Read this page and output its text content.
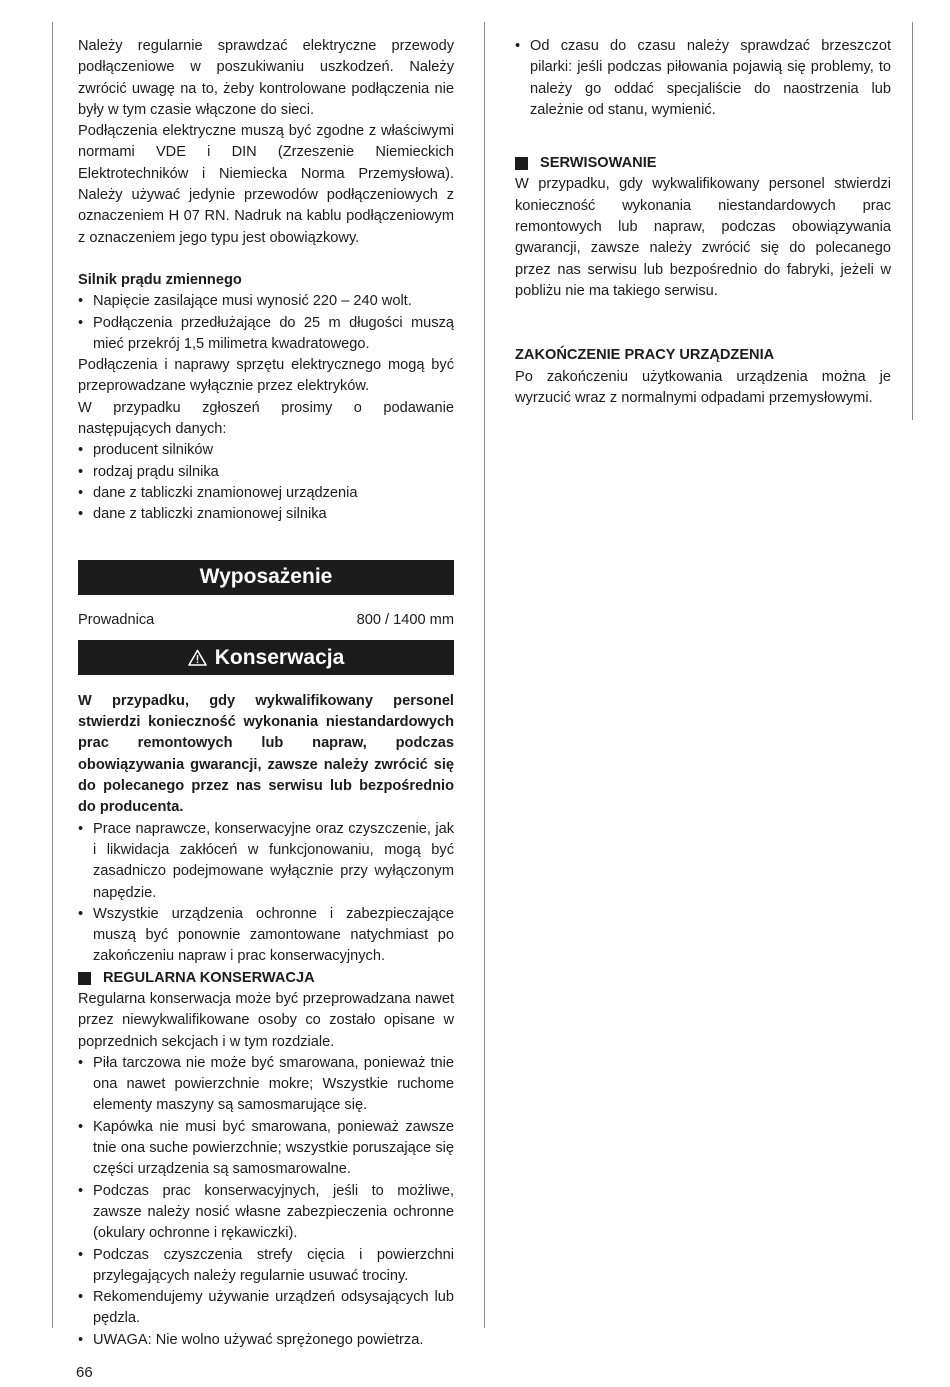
Należy regularnie sprawdzać elektryczne przewody podłączeniowe w poszukiwaniu uszkodzeń. Należy zwrócić uwagę na to, żeby kontrolowane podłączenia nie były w tym czasie włączone do sieci.

Podłączenia elektryczne muszą być zgodne z właściwymi normami VDE i DIN (Zrzeszenie Niemieckich Elektrotechników i Niemiecka Norma Przemysłowa). Należy używać jedynie przewodów podłączeniowych z oznaczeniem H 07 RN. Nadruk na kablu podłączeniowym z oznaczeniem jego typu jest obowiązkowy.

Silnik prądu zmiennego

• Napięcie zasilające musi wynosić 220 – 240 wolt.
• Podłączenia przedłużające do 25 m długości muszą mieć przekrój 1,5 milimetra kwadratowego.

Podłączenia i naprawy sprzętu elektrycznego mogą być przeprowadzane wyłącznie przez elektryków.

W przypadku zgłoszeń prosimy o podawanie następujących danych:

• producent silników
• rodzaj prądu silnika
• dane z tabliczki znamionowej urządzenia
• dane z tabliczki znamionowej silnika
Wyposażenie
Prowadnica	800 / 1400 mm
Konserwacja

W przypadku, gdy wykwalifikowany personel stwierdzi konieczność wykonania niestandardowych prac remontowych lub napraw, podczas obowiązywania gwarancji, zawsze należy zwrócić się do polecanego przez nas serwisu lub bezpośrednio do producenta.

• Prace naprawcze, konserwacyjne oraz czyszczenie, jak i likwidacja zakłóceń w funkcjonowaniu, mogą być zasadniczo podejmowane wyłącznie przy wyłączonym napędzie.
• Wszystkie urządzenia ochronne i zabezpieczające muszą być ponownie zamontowane natychmiast po zakończeniu napraw i prac konserwacyjnych.
REGULARNA KONSERWACJA

Regularna konserwacja może być przeprowadzana nawet przez niewykwalifikowane osoby co zostało opisane w poprzednich sekcjach i w tym rozdziale.

• Piła tarczowa nie może być smarowana, ponieważ tnie ona nawet powierzchnie mokre; Wszystkie ruchome elementy maszyny są samosmarujące się.
• Kapówka nie musi być smarowana, ponieważ zawsze tnie ona suche powierzchnie; wszystkie poruszające się części urządzenia są samosmarowalne.
• Podczas prac konserwacyjnych, jeśli to możliwe, zawsze należy nosić własne zabezpieczenia ochronne (okulary ochronne i rękawiczki).
• Podczas czyszczenia strefy cięcia i powierzchni przylegających należy regularnie usuwać trociny.
• Rekomendujemy używanie urządzeń odsysających lub pędzla.
• UWAGA: Nie wolno używać sprężonego powietrza.
• Od czasu do czasu należy sprawdzać brzeszczot pilarki: jeśli podczas piłowania pojawią się problemy, to należy go oddać specjaliście do naostrzenia lub zależnie od stanu, wymienić.
SERWISOWANIE

W przypadku, gdy wykwalifikowany personel stwierdzi konieczność wykonania niestandardowych prac remontowych lub napraw, podczas obowiązywania gwarancji, zawsze należy zwrócić się do polecanego przez nas serwisu lub bezpośrednio do fabryki, jeżeli w pobliżu nie ma takiego serwisu.

ZAKOŃCZENIE PRACY URZĄDZENIA

Po zakończeniu użytkowania urządzenia można je wyrzucić wraz z normalnymi odpadami przemysłowymi.

66
